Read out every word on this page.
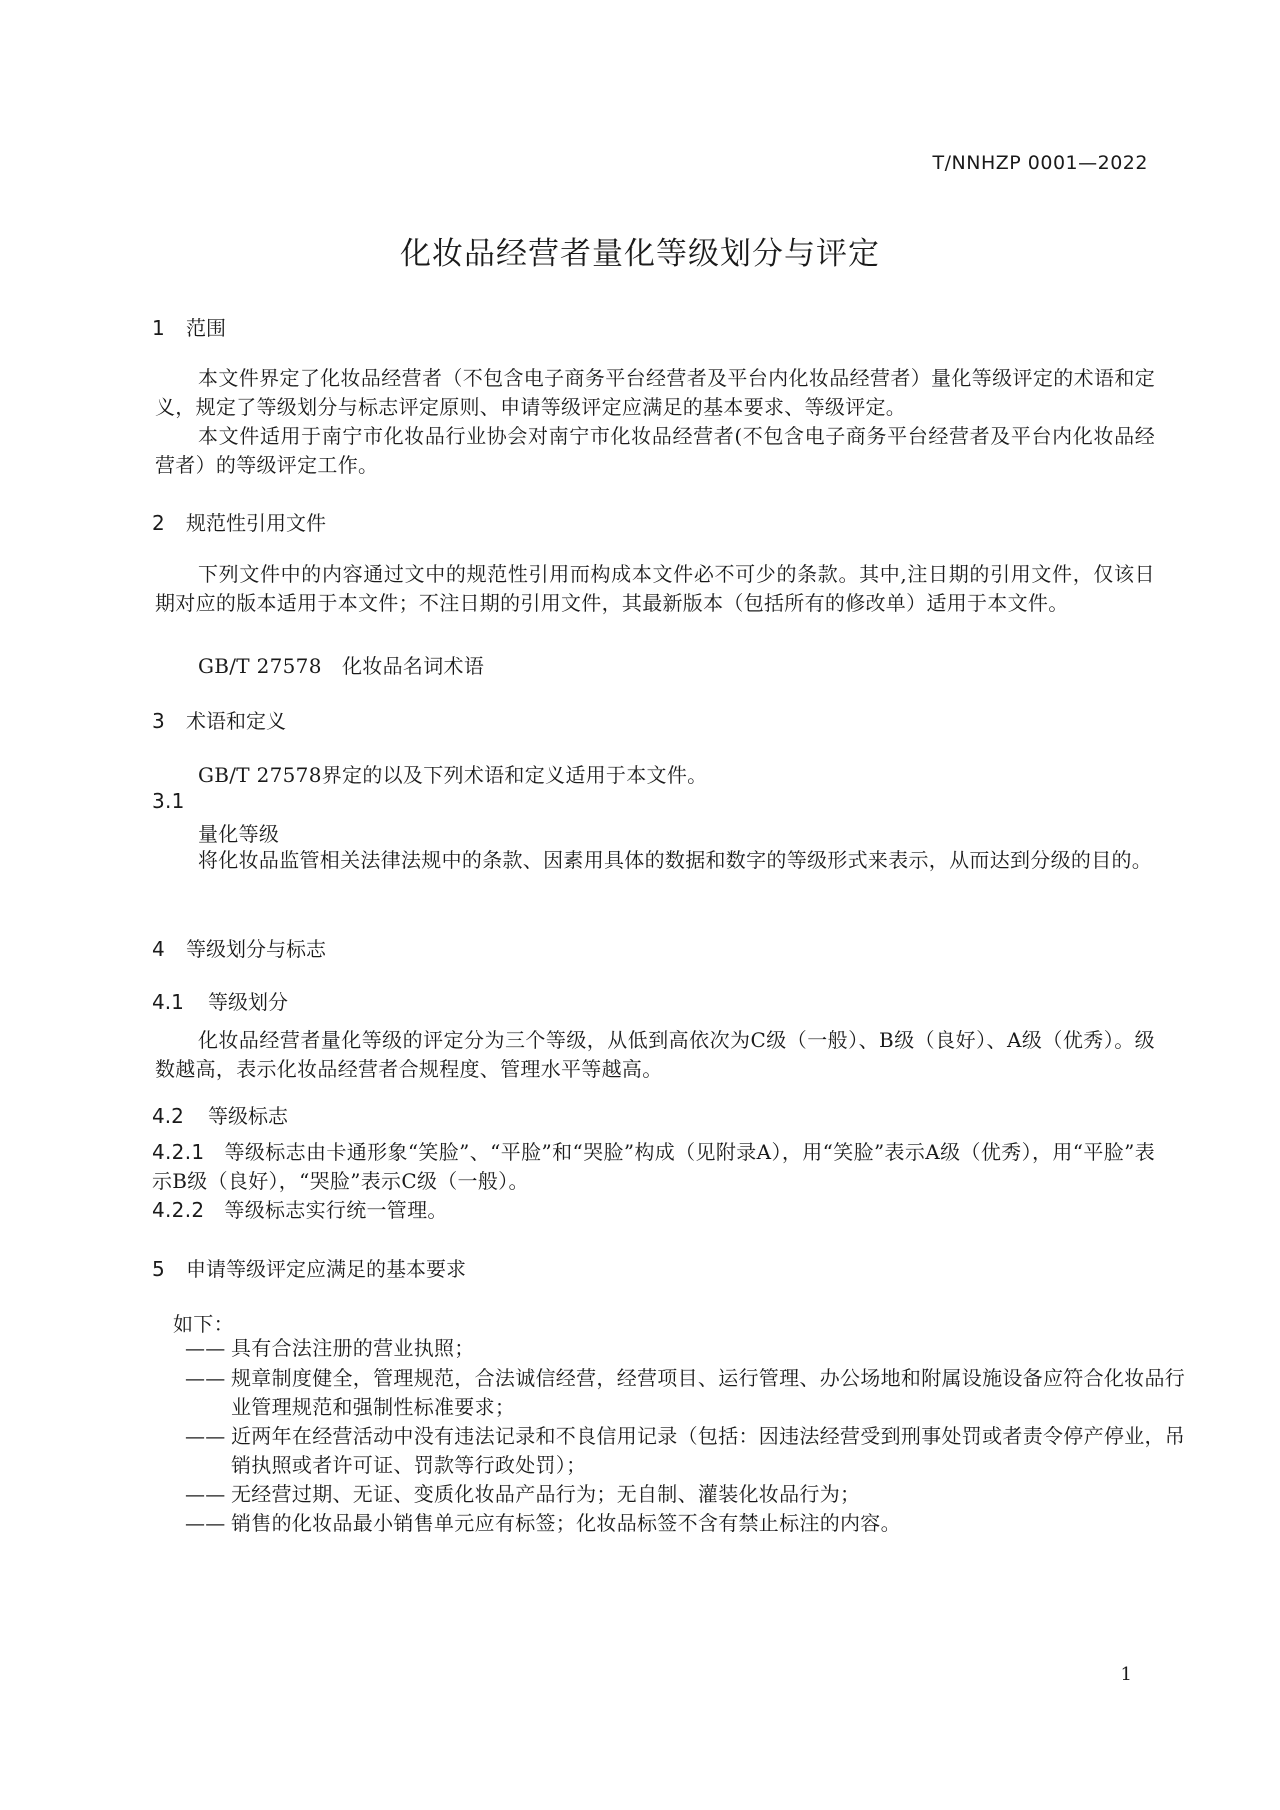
T/NNHZP 0001—2022
化妆品经营者量化等级划分与评定
1 范围
本文件界定了化妆品经营者（不包含电子商务平台经营者及平台内化妆品经营者）量化等级评定的术语和定义，规定了等级划分与标志评定原则、申请等级评定应满足的基本要求、等级评定。
本文件适用于南宁市化妆品行业协会对南宁市化妆品经营者(不包含电子商务平台经营者及平台内化妆品经营者）的等级评定工作。
2 规范性引用文件
下列文件中的内容通过文中的规范性引用而构成本文件必不可少的条款。其中,注日期的引用文件，仅该日期对应的版本适用于本文件；不注日期的引用文件，其最新版本（包括所有的修改单）适用于本文件。
GB/T 27578　化妆品名词术语
3 术语和定义
GB/T 27578界定的以及下列术语和定义适用于本文件。
3.1
量化等级
将化妆品监管相关法律法规中的条款、因素用具体的数据和数字的等级形式来表示，从而达到分级的目的。
4 等级划分与标志
4.1 等级划分
化妆品经营者量化等级的评定分为三个等级，从低到高依次为C级（一般）、B级（良好）、A级（优秀）。级数越高，表示化妆品经营者合规程度、管理水平等越高。
4.2 等级标志
4.2.1 等级标志由卡通形象“笑脸”、“平脸”和“哭脸”构成（见附录A），用“笑脸”表示A级（优秀），用“平脸”表示B级（良好），“哭脸”表示C级（一般）。
4.2.2 等级标志实行统一管理。
5 申请等级评定应满足的基本要求
如下：
—— 具有合法注册的营业执照；
—— 规章制度健全，管理规范，合法诚信经营，经营项目、运行管理、办公场地和附属设施设备应符合化妆品行业管理规范和强制性标准要求；
—— 近两年在经营活动中没有违法记录和不良信用记录（包括：因违法经营受到刑事处罚或者责令停产停业，吊销执照或者许可证、罚款等行政处罚）；
—— 无经营过期、无证、变质化妆品产品行为；无自制、灌装化妆品行为；
—— 销售的化妆品最小销售单元应有标签；化妆品标签不含有禁止标注的内容。
1
